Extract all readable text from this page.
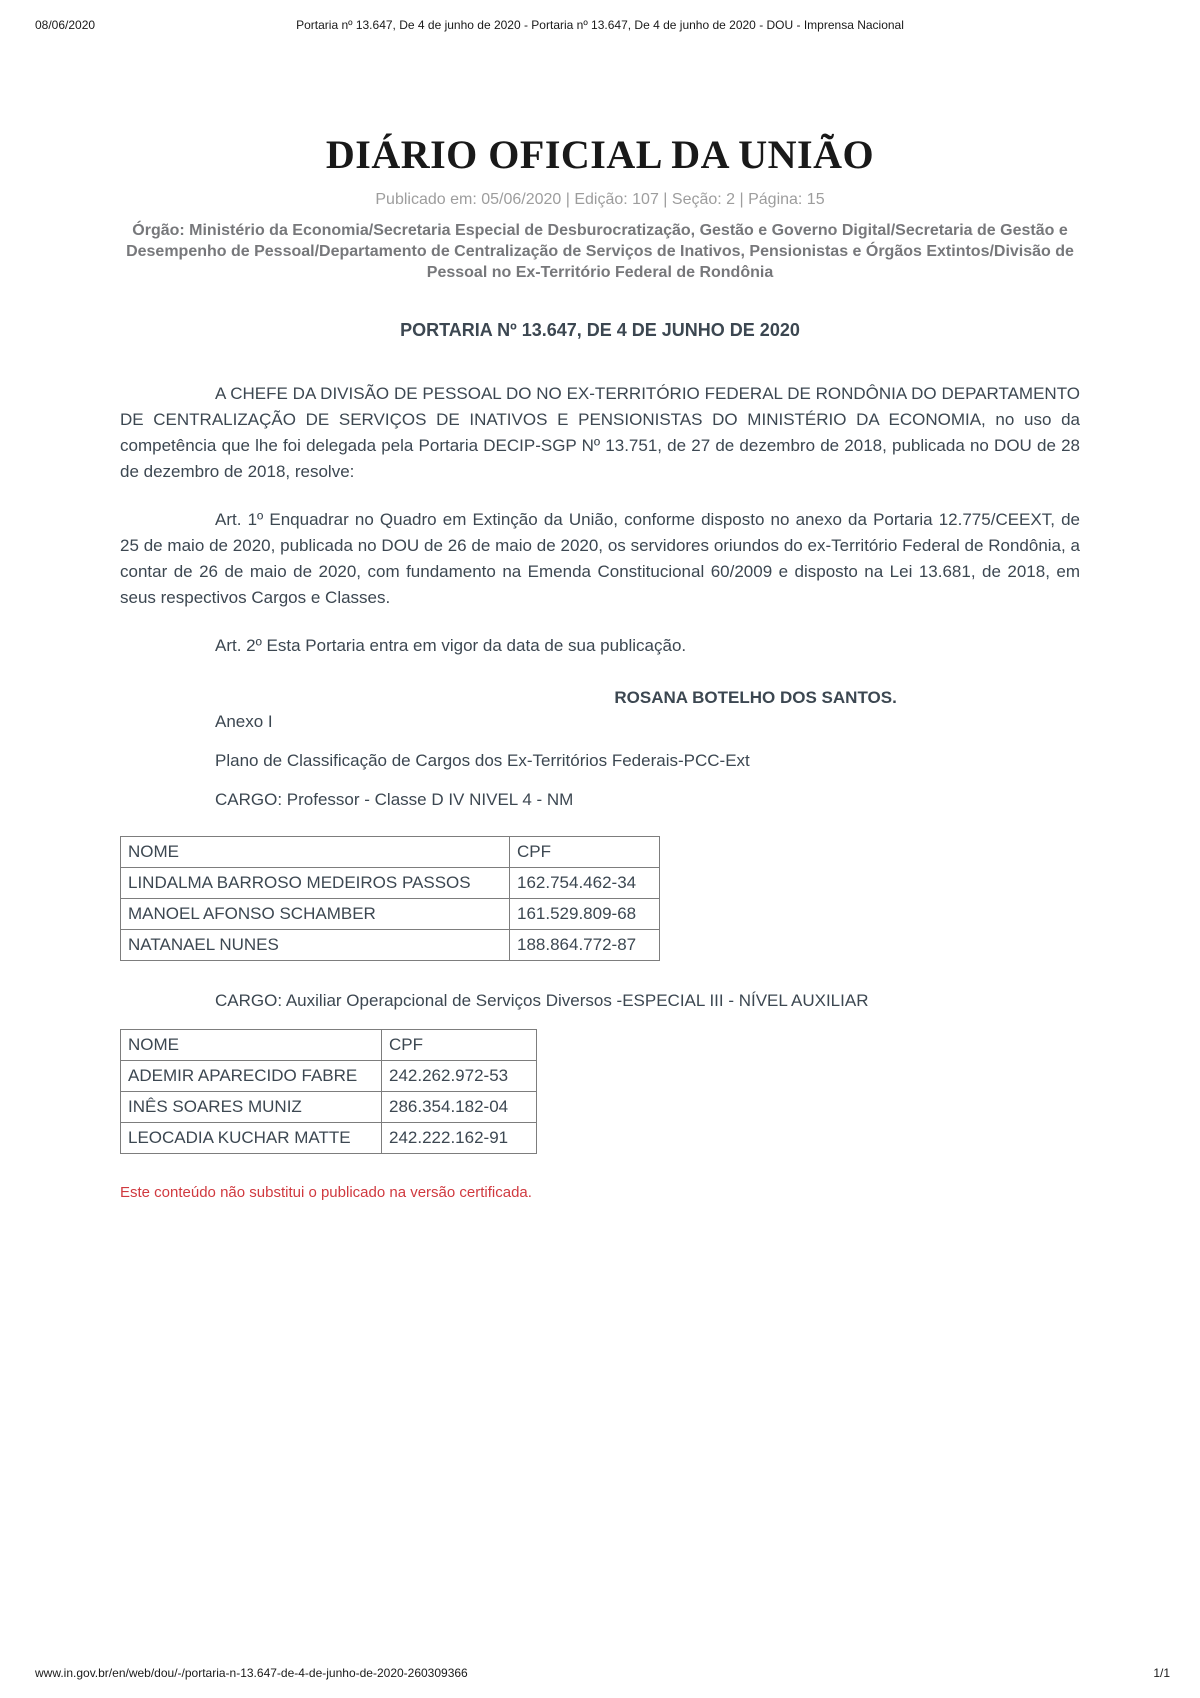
08/06/2020	Portaria nº 13.647, De 4 de junho de 2020 - Portaria nº 13.647, De 4 de junho de 2020 - DOU - Imprensa Nacional
DIÁRIO OFICIAL DA UNIÃO

Publicado em: 05/06/2020 | Edição: 107 | Seção: 2 | Página: 15

Órgão: Ministério da Economia/Secretaria Especial de Desburocratização, Gestão e Governo Digital/Secretaria de Gestão e Desempenho de Pessoal/Departamento de Centralização de Serviços de Inativos, Pensionistas e Órgãos Extintos/Divisão de Pessoal no Ex-Território Federal de Rondônia

PORTARIA Nº 13.647, DE 4 DE JUNHO DE 2020

A CHEFE DA DIVISÃO DE PESSOAL DO NO EX-TERRITÓRIO FEDERAL DE RONDÔNIA DO DEPARTAMENTO DE CENTRALIZAÇÃO DE SERVIÇOS DE INATIVOS E PENSIONISTAS DO MINISTÉRIO DA ECONOMIA, no uso da competência que lhe foi delegada pela Portaria DECIP-SGP Nº 13.751, de 27 de dezembro de 2018, publicada no DOU de 28 de dezembro de 2018, resolve:

Art. 1º Enquadrar no Quadro em Extinção da União, conforme disposto no anexo da Portaria 12.775/CEEXT, de 25 de maio de 2020, publicada no DOU de 26 de maio de 2020, os servidores oriundos do ex-Território Federal de Rondônia, a contar de 26 de maio de 2020, com fundamento na Emenda Constitucional 60/2009 e disposto na Lei 13.681, de 2018, em seus respectivos Cargos e Classes.

Art. 2º Esta Portaria entra em vigor da data de sua publicação.

ROSANA BOTELHO DOS SANTOS.

Anexo I

Plano de Classificação de Cargos dos Ex-Territórios Federais-PCC-Ext

CARGO: Professor - Classe D IV NIVEL 4 - NM

NOME	CPF
LINDALMA BARROSO MEDEIROS PASSOS	162.754.462-34
MANOEL AFONSO SCHAMBER	161.529.809-68
NATANAEL NUNES	188.864.772-87

CARGO: Auxiliar Operapcional de Serviços Diversos -ESPECIAL III - NÍVEL AUXILIAR

NOME	CPF
ADEMIR APARECIDO FABRE	242.262.972-53
INÊS SOARES MUNIZ	286.354.182-04
LEOCADIA KUCHAR MATTE	242.222.162-91

Este conteúdo não substitui o publicado na versão certificada.

www.in.gov.br/en/web/dou/-/portaria-n-13.647-de-4-de-junho-de-2020-260309366	1/1
